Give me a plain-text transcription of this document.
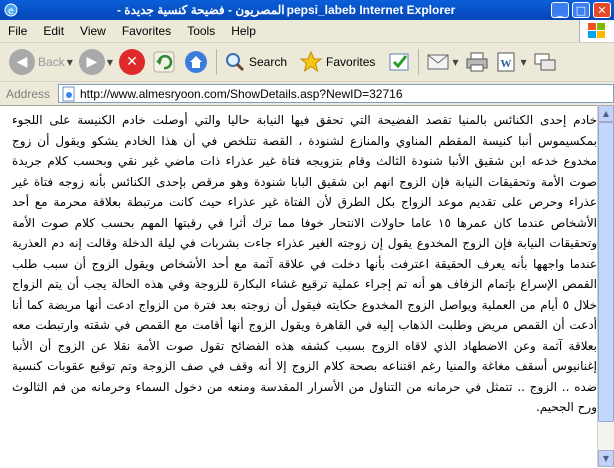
e	المصريون - فضيحة كنسية جديدة - pepsi_labeb Internet Explorer	_	□	✕
File	Edit	View	Favorites	Tools	Help
◀ Back ▼ ▶	▼ ✕	Search	Favorites	▼	W ▼
Address	http://www.almesryoon.com/ShowDetails.asp?NewID=32716

خادم إحدى الكنائس بالمنيا تقصد الفضيحة التي تحقق فيها النيابة حاليا والتي أوصلت خادم الكنيسة على اللجوء بمكسيموس أنبا كنيسة المقطم المناوي والمنازع لشنودة ، القصة تتلخص في أن هذا الخادم يشكو ويقول أن زوج مخدوع خدعه ابن شقيق الأنبا شنودة الثالث وقام بتزويجه فتاة غير عذراء ذات ماضي غير نقي وبحسب كلام جريدة صوت الأمة وتحقيقات النيابة فإن الزوج انهم ابن شقيق البابا شنودة وهو مرقص بإحدى الكنائس بأنه زوجه فتاة غير عذراء وحرص على تقديم موعد الزواج بكل الطرق لأن الفتاة غير عذراء حيث كانت مرتبطة بعلاقة محرمة مع أحد الأشخاص عندما كان عمرها ١٥ عاما حاولات الانتحار خوفا مما ترك أثرا في رقبتها المهم بحسب كلام صوت الأمة وتحقيقات النيابة فإن الزوج المخدوع يقول إن زوجته الغير عذراء جاءت بشربات في ليلة الدخلة وقالت إنه دم العذرية عندما واجهها بأنه يعرف الحقيقة اعترفت بأنها دخلت في علاقة آثمة مع أحد الأشخاص ويقول الزوج أن سبب طلب القمص الإسراع بإتمام الزفاف هو أنه تم إجراء عملية ترقيع غشاء البكارة للزوجة وفي هذه الحالة يجب أن يتم الزواج خلال ٥ أيام من العملية ويواصل الزوج المخدوع حكايته فيقول أن زوجته بعد فترة من الزواج ادعت أنها مريضة كما أنا أدعت أن القمص مريض وطلبت الذهاب إليه في القاهرة ويقول الزوج أنها أقامت مع القمص في شقته وارتبطت معه بعلاقة آثمة وعن الاضطهاد الذي لاقاه الزوج بسبب كشفه هذه الفضائح تقول صوت الأمة نقلا عن الزوج أن الأنبا إغنانيوس أسقف مغاغة والمنيا رغم اقتناعه بصحة كلام الزوج إلا أنه وقف في صف الزوجة وتم توقيع عقوبات كنسية ضده .. الزوج .. تتمثل في حرمانه من التناول من الأسرار المقدسة ومنعه من دخول السماء وحرمانه من فم الثالوث ورح الجحيم.

▲
▼
